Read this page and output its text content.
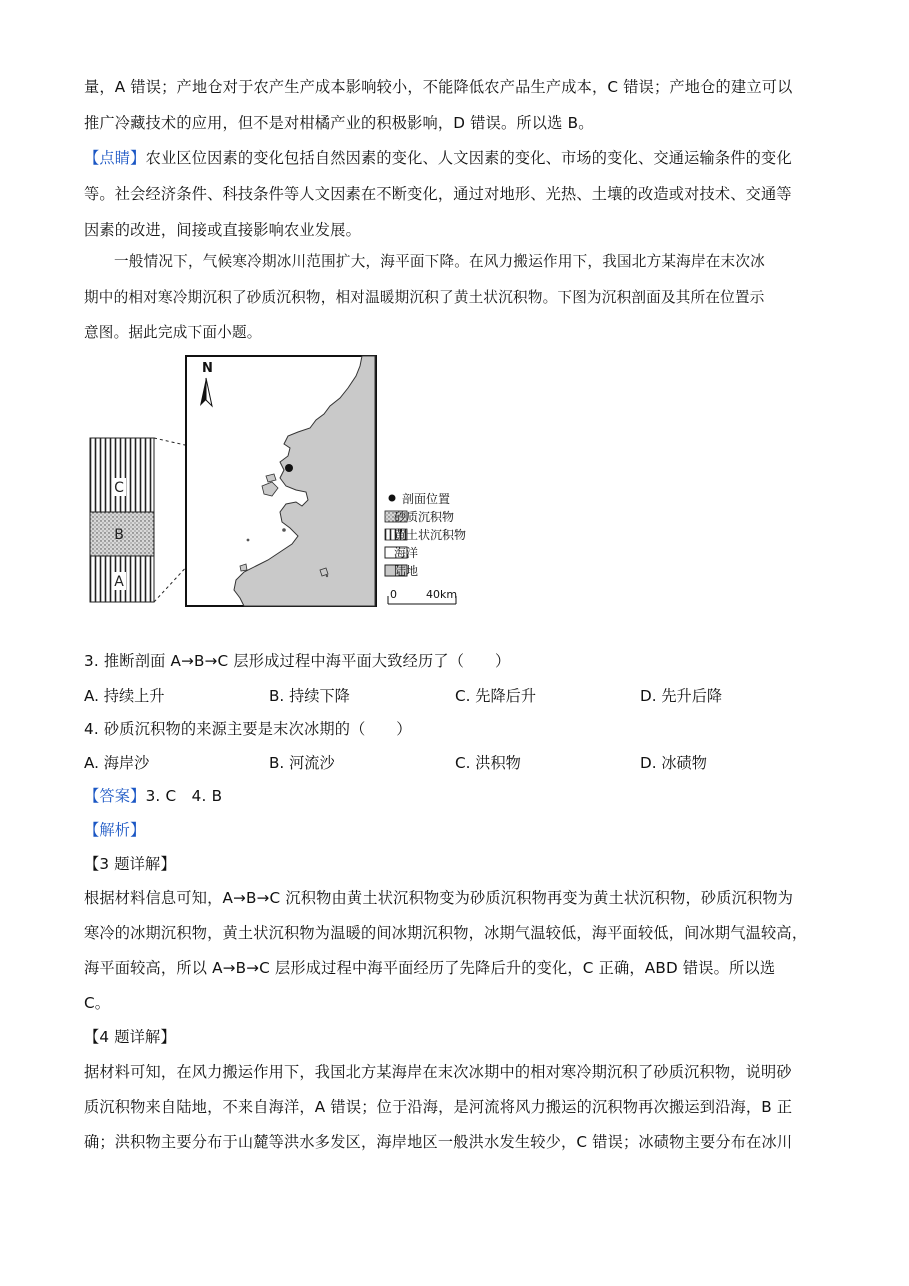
量，A 错误；产地仓对于农产生产成本影响较小，不能降低农产品生产成本，C 错误；产地仓的建立可以
推广冷藏技术的应用，但不是对柑橘产业的积极影响，D 错误。所以选 B。
【点睛】农业区位因素的变化包括自然因素的变化、人文因素的变化、市场的变化、交通运输条件的变化
等。社会经济条件、科技条件等人文因素在不断变化，通过对地形、光热、土壤的改造或对技术、交通等
因素的改进，间接或直接影响农业发展。
一般情况下，气候寒冷期冰川范围扩大，海平面下降。在风力搬运作用下，我国北方某海岸在末次冰
期中的相对寒冷期沉积了砂质沉积物，相对温暖期沉积了黄土状沉积物。下图为沉积剖面及其所在位置示
意图。据此完成下面小题。
C
B
A
N
剖面位置
砂质沉积物
黄土状沉积物
海洋
陆地
0	40km
3. 推断剖面 A→B→C 层形成过程中海平面大致经历了（　　）
A. 持续上升	B. 持续下降	C. 先降后升	D. 先升后降
4. 砂质沉积物的来源主要是末次冰期的（　　）
A. 海岸沙	B. 河流沙	C. 洪积物	D. 冰碛物
【答案】3. C　4. B
【解析】
【3 题详解】
根据材料信息可知，A→B→C 沉积物由黄土状沉积物变为砂质沉积物再变为黄土状沉积物，砂质沉积物为
寒冷的冰期沉积物，黄土状沉积物为温暖的间冰期沉积物，冰期气温较低，海平面较低，间冰期气温较高，
海平面较高，所以 A→B→C 层形成过程中海平面经历了先降后升的变化，C 正确，ABD 错误。所以选
C。
【4 题详解】
据材料可知，在风力搬运作用下，我国北方某海岸在末次冰期中的相对寒冷期沉积了砂质沉积物，说明砂
质沉积物来自陆地，不来自海洋，A 错误；位于沿海，是河流将风力搬运的沉积物再次搬运到沿海，B 正
确；洪积物主要分布于山麓等洪水多发区，海岸地区一般洪水发生较少，C 错误；冰碛物主要分布在冰川
